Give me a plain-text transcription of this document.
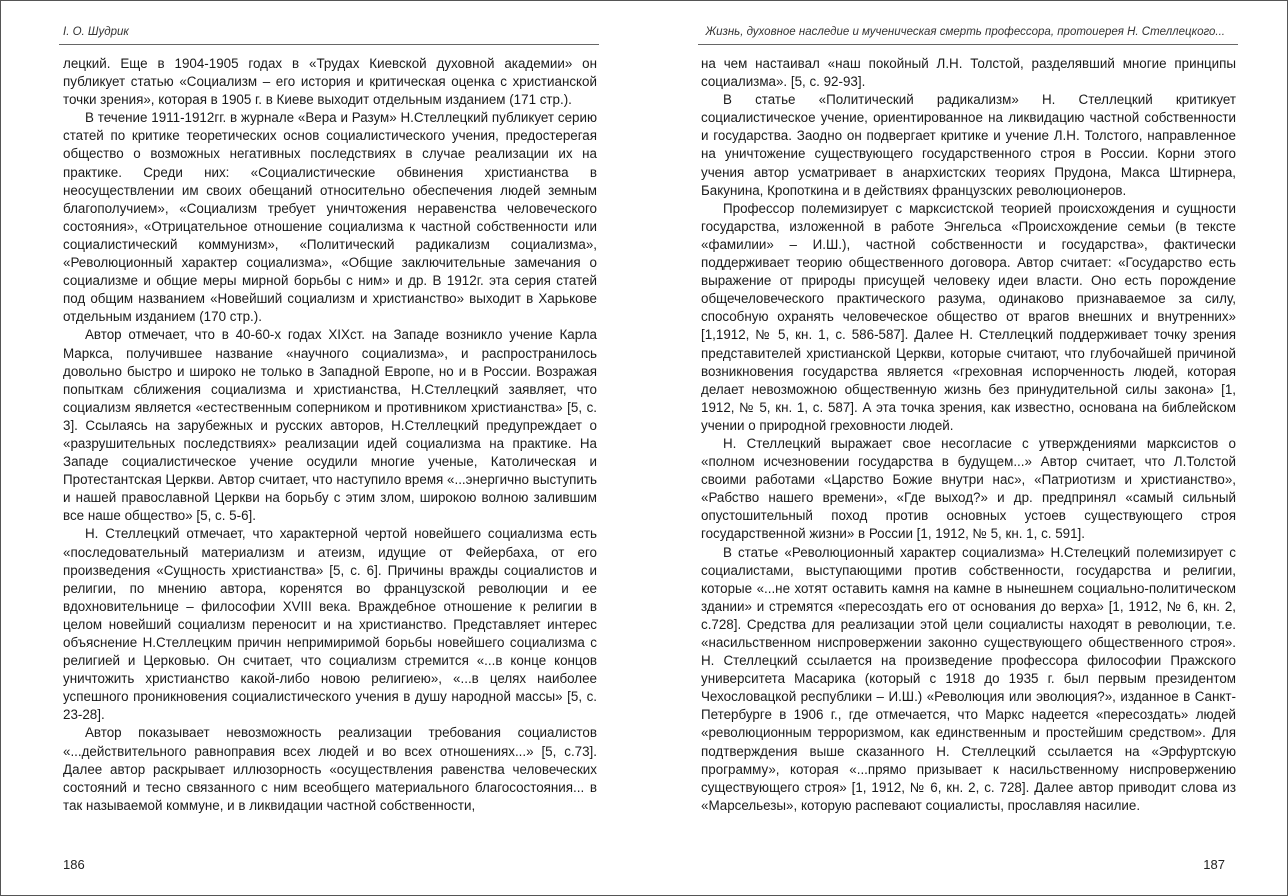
I. О. Шудрик

лецкий. Еще в 1904-1905 годах в «Трудах Киевской духовной академии» он публикует статью «Социализм – его история и критическая оценка с христианской точки зрения», которая в 1905 г. в Киеве выходит отдельным изданием (171 стр.).

В течение 1911-1912гг. в журнале «Вера и Разум» Н.Стеллецкий публикует серию статей по критике теоретических основ социалистического учения, предостерегая общество о возможных негативных последствиях в случае реализации их на практике. Среди них: «Социалистические обвинения христианства в неосуществлении им своих обещаний относительно обеспечения людей земным благополучием», «Социализм требует уничтожения неравенства человеческого состояния», «Отрицательное отношение социализма к частной собственности или социалистический коммунизм», «Политический радикализм социализма», «Революционный характер социализма», «Общие заключительные замечания о социализме и общие меры мирной борьбы с ним» и др. В 1912г. эта серия статей под общим названием «Новейший социализм и христианство» выходит в Харькове отдельным изданием (170 стр.).

Автор отмечает, что в 40-60-х годах XIXст. на Западе возникло учение Карла Маркса, получившее название «научного социализма», и распространилось довольно быстро и широко не только в Западной Европе, но и в России. Возражая попыткам сближения социализма и христианства, Н.Стеллецкий заявляет, что социализм является «естественным соперником и противником христианства» [5, с. 3]. Ссылаясь на зарубежных и русских авторов, Н.Стеллецкий предупреждает о «разрушительных последствиях» реализации идей социализма на практике. На Западе социалистическое учение осудили многие ученые, Католическая и Протестантская Церкви. Автор считает, что наступило время «...энергично выступить и нашей православной Церкви на борьбу с этим злом, широкою волною залившим все наше общество» [5, с. 5-6].

Н. Стеллецкий отмечает, что характерной чертой новейшего социализма есть «последовательный материализм и атеизм, идущие от Фейербаха, от его произведения «Сущность христианства» [5, с. 6]. Причины вражды социалистов и религии, по мнению автора, коренятся во французской революции и ее вдохновительнице – философии XVIII века. Враждебное отношение к религии в целом новейший социализм переносит и на христианство. Представляет интерес объяснение Н.Стеллецким причин непримиримой борьбы новейшего социализма с религией и Церковью. Он считает, что социализм стремится «...в конце концов уничтожить христианство какой-либо новою религиею», «...в целях наиболее успешного проникновения социалистического учения в душу народной массы» [5, с. 23-28].

Автор показывает невозможность реализации требования социалистов «...действительного равноправия всех людей и во всех отношениях...» [5, с.73]. Далее автор раскрывает иллюзорность «осуществления равенства человеческих состояний и тесно связанного с ним всеобщего материального благосостояния... в так называемой коммуне, и в ликвидации частной собственности,

186
Жизнь, духовное наследие и мученическая смерть профессора, протоиерея Н. Стеллецкого...

на чем настаивал «наш покойный Л.Н. Толстой, разделявший многие принципы социализма». [5, с. 92-93].

В статье «Политический радикализм» Н. Стеллецкий критикует социалистическое учение, ориентированное на ликвидацию частной собственности и государства. Заодно он подвергает критике и учение Л.Н. Толстого, направленное на уничтожение существующего государственного строя в России. Корни этого учения автор усматривает в анархистских теориях Прудона, Макса Штирнера, Бакунина, Кропоткина и в действиях французских революционеров.

Профессор полемизирует с марксистской теорией происхождения и сущности государства, изложенной в работе Энгельса «Происхождение семьи (в тексте «фамилии» – И.Ш.), частной собственности и государства», фактически поддерживает теорию общественного договора. Автор считает: «Государство есть выражение от природы присущей человеку идеи власти. Оно есть порождение общечеловеческого практического разума, одинаково признаваемое за силу, способную охранять человеческое общество от врагов внешних и внутренних» [1,1912, № 5, кн. 1, с. 586-587]. Далее Н. Стеллецкий поддерживает точку зрения представителей христианской Церкви, которые считают, что глубочайшей причиной возникновения государства является «греховная испорченность людей, которая делает невозможною общественную жизнь без принудительной силы закона» [1, 1912, № 5, кн. 1, с. 587]. А эта точка зрения, как известно, основана на библейском учении о природной греховности людей.

Н. Стеллецкий выражает свое несогласие с утверждениями марксистов о «полном исчезновении государства в будущем...» Автор считает, что Л.Толстой своими работами «Царство Божие внутри нас», «Патриотизм и христианство», «Рабство нашего времени», «Где выход?» и др. предпринял «самый сильный опустошительный поход против основных устоев существующего строя государственной жизни» в России [1, 1912, № 5, кн. 1, с. 591].

В статье «Революционный характер социализма» Н.Стелецкий полемизирует с социалистами, выступающими против собственности, государства и религии, которые «...не хотят оставить камня на камне в нынешнем социально-политическом здании» и стремятся «пересоздать его от основания до верха» [1, 1912, № 6, кн. 2, с.728]. Средства для реализации этой цели социалисты находят в революции, т.е. «насильственном ниспровержении законно существующего общественного строя». Н. Стеллецкий ссылается на произведение профессора философии Пражского университета Масарика (который с 1918 до 1935 г. был первым президентом Чехословацкой республики – И.Ш.) «Революция или эволюция?», изданное в Санкт-Петербурге в 1906 г., где отмечается, что Маркс надеется «пересоздать» людей «революционным терроризмом, как единственным и простейшим средством». Для подтверждения выше сказанного Н. Стеллецкий ссылается на «Эрфуртскую программу», которая «...прямо призывает к насильственному ниспровержению существующего строя» [1, 1912, № 6, кн. 2, с. 728]. Далее автор приводит слова из «Марсельезы», которую распевают социалисты, прославляя насилие.

187
